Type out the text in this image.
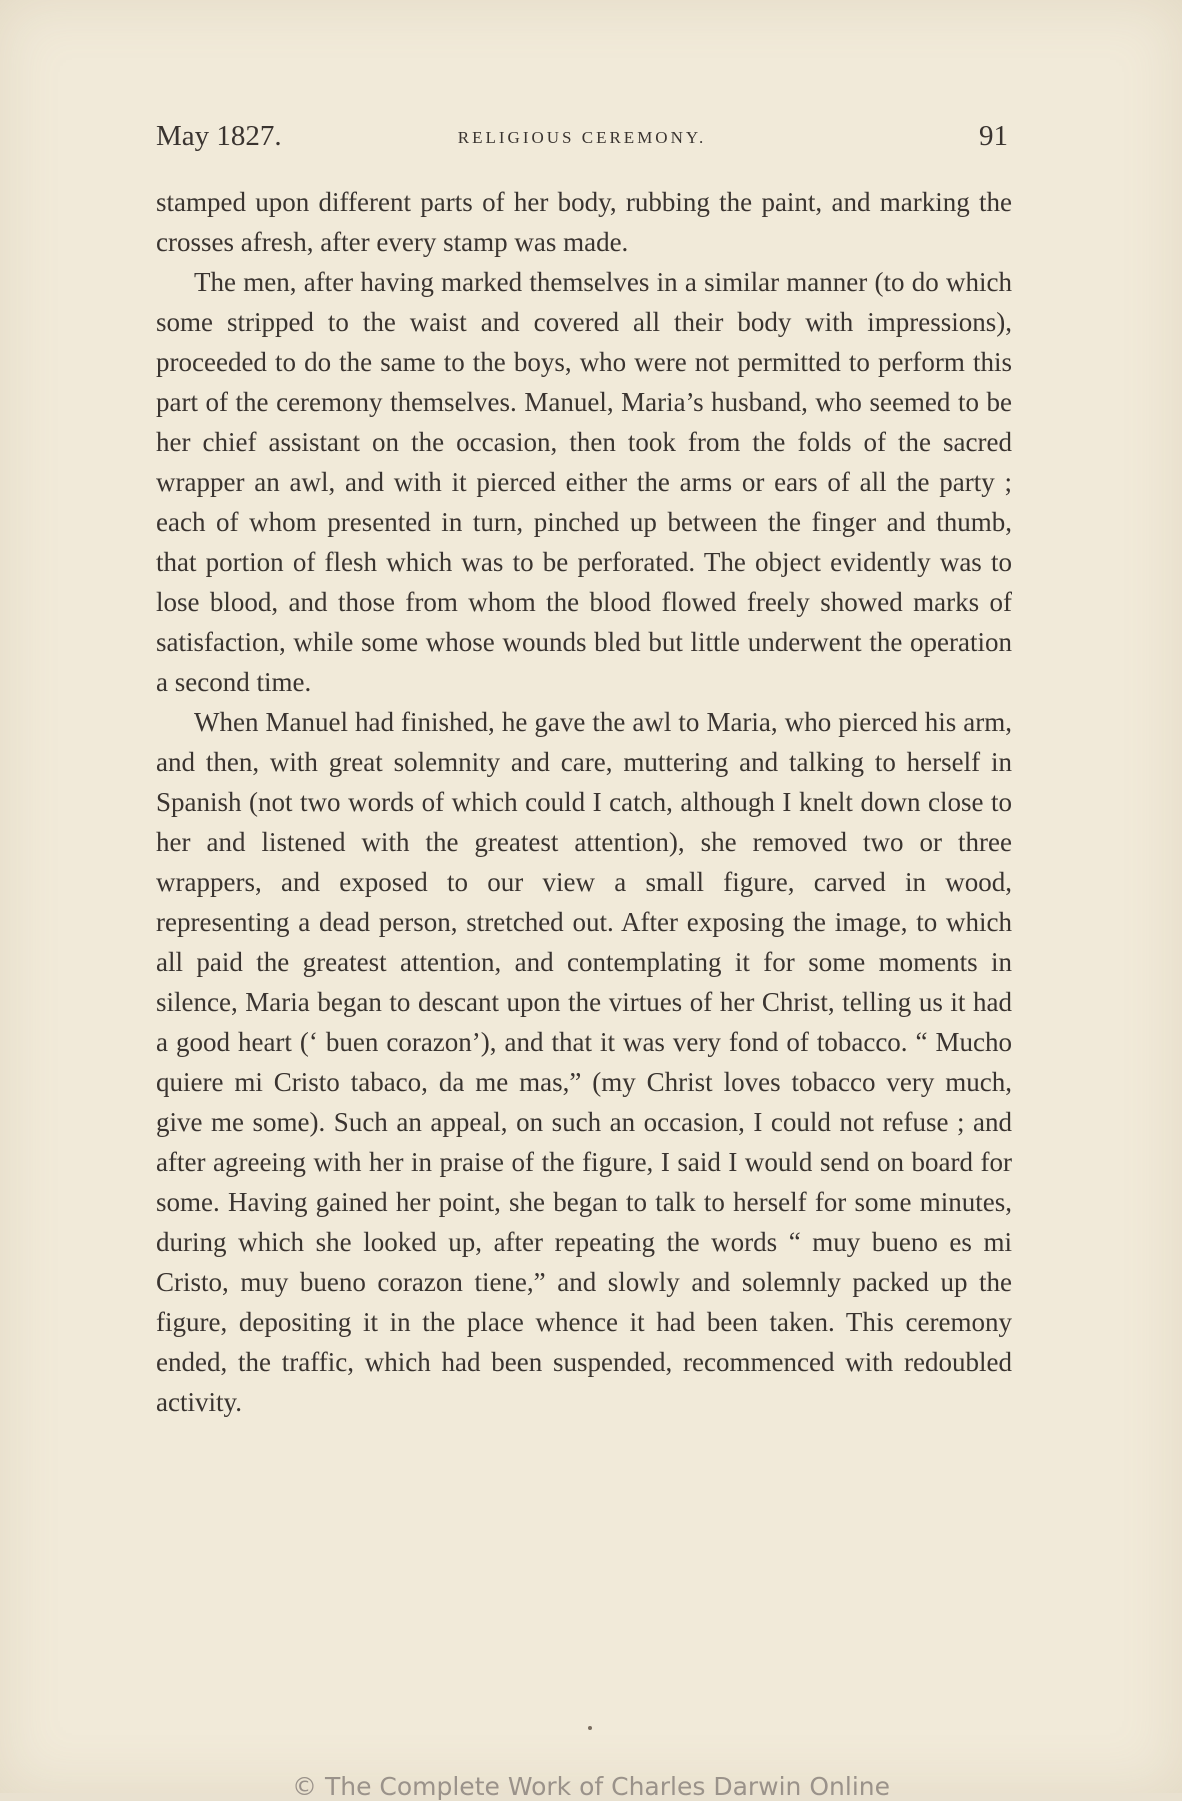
May 1827.	RELIGIOUS CEREMONY.	91

stamped upon different parts of her body, rubbing the paint, and marking the crosses afresh, after every stamp was made.

The men, after having marked themselves in a similar manner (to do which some stripped to the waist and covered all their body with impressions), proceeded to do the same to the boys, who were not permitted to perform this part of the ceremony themselves. Manuel, Maria’s husband, who seemed to be her chief assistant on the occasion, then took from the folds of the sacred wrapper an awl, and with it pierced either the arms or ears of all the party ; each of whom presented in turn, pinched up between the finger and thumb, that portion of flesh which was to be perforated. The object evidently was to lose blood, and those from whom the blood flowed freely showed marks of satisfaction, while some whose wounds bled but little underwent the operation a second time.

When Manuel had finished, he gave the awl to Maria, who pierced his arm, and then, with great solemnity and care, muttering and talking to herself in Spanish (not two words of which could I catch, although I knelt down close to her and listened with the greatest attention), she removed two or three wrappers, and exposed to our view a small figure, carved in wood, representing a dead person, stretched out. After exposing the image, to which all paid the greatest attention, and contemplating it for some moments in silence, Maria began to descant upon the virtues of her Christ, telling us it had a good heart (‘ buen corazon’), and that it was very fond of tobacco. “ Mucho quiere mi Cristo tabaco, da me mas,” (my Christ loves tobacco very much, give me some). Such an appeal, on such an occasion, I could not refuse ; and after agreeing with her in praise of the figure, I said I would send on board for some. Having gained her point, she began to talk to herself for some minutes, during which she looked up, after repeating the words “ muy bueno es mi Cristo, muy bueno corazon tiene,” and slowly and solemnly packed up the figure, depositing it in the place whence it had been taken. This ceremony ended, the traffic, which had been suspended, recommenced with redoubled activity.

© The Complete Work of Charles Darwin Online
